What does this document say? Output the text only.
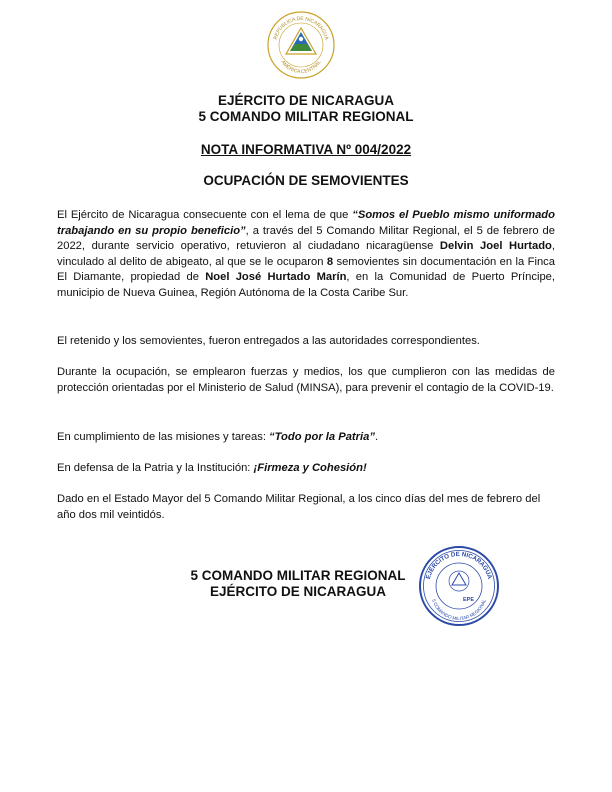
REPÚBLICA DE NICARAGUA
AMÉRICA CENTRAL
EJÉRCITO DE NICARAGUA
5 COMANDO MILITAR REGIONAL
NOTA INFORMATIVA Nº 004/2022
OCUPACIÓN DE SEMOVIENTES

El Ejército de Nicaragua consecuente con el lema de que “Somos el Pueblo mismo uniformado trabajando en su propio beneficio”, a través del 5 Comando Militar Regional, el 5 de febrero de 2022, durante servicio operativo, retuvieron al ciudadano nicaragüense Delvin Joel Hurtado, vinculado al delito de abigeato, al que se le ocuparon 8 semovientes sin documentación en la Finca El Diamante, propiedad de Noel José Hurtado Marín, en la Comunidad de Puerto Príncipe, municipio de Nueva Guinea, Región Autónoma de la Costa Caribe Sur.

El retenido y los semovientes, fueron entregados a las autoridades correspondientes.

Durante la ocupación, se emplearon fuerzas y medios, los que cumplieron con las medidas de protección orientadas por el Ministerio de Salud (MINSA), para prevenir el contagio de la COVID-19.

En cumplimiento de las misiones y tareas: “Todo por la Patria”.

En defensa de la Patria y la Institución: ¡Firmeza y Cohesión!

Dado en el Estado Mayor del 5 Comando Militar Regional, a los cinco días del mes de febrero del año dos mil veintidós.

5 COMANDO MILITAR REGIONAL
EJÉRCITO DE NICARAGUA
EJÉRCITO DE NICARAGUA
5 COMANDO MILITAR REGIONAL
EPE
